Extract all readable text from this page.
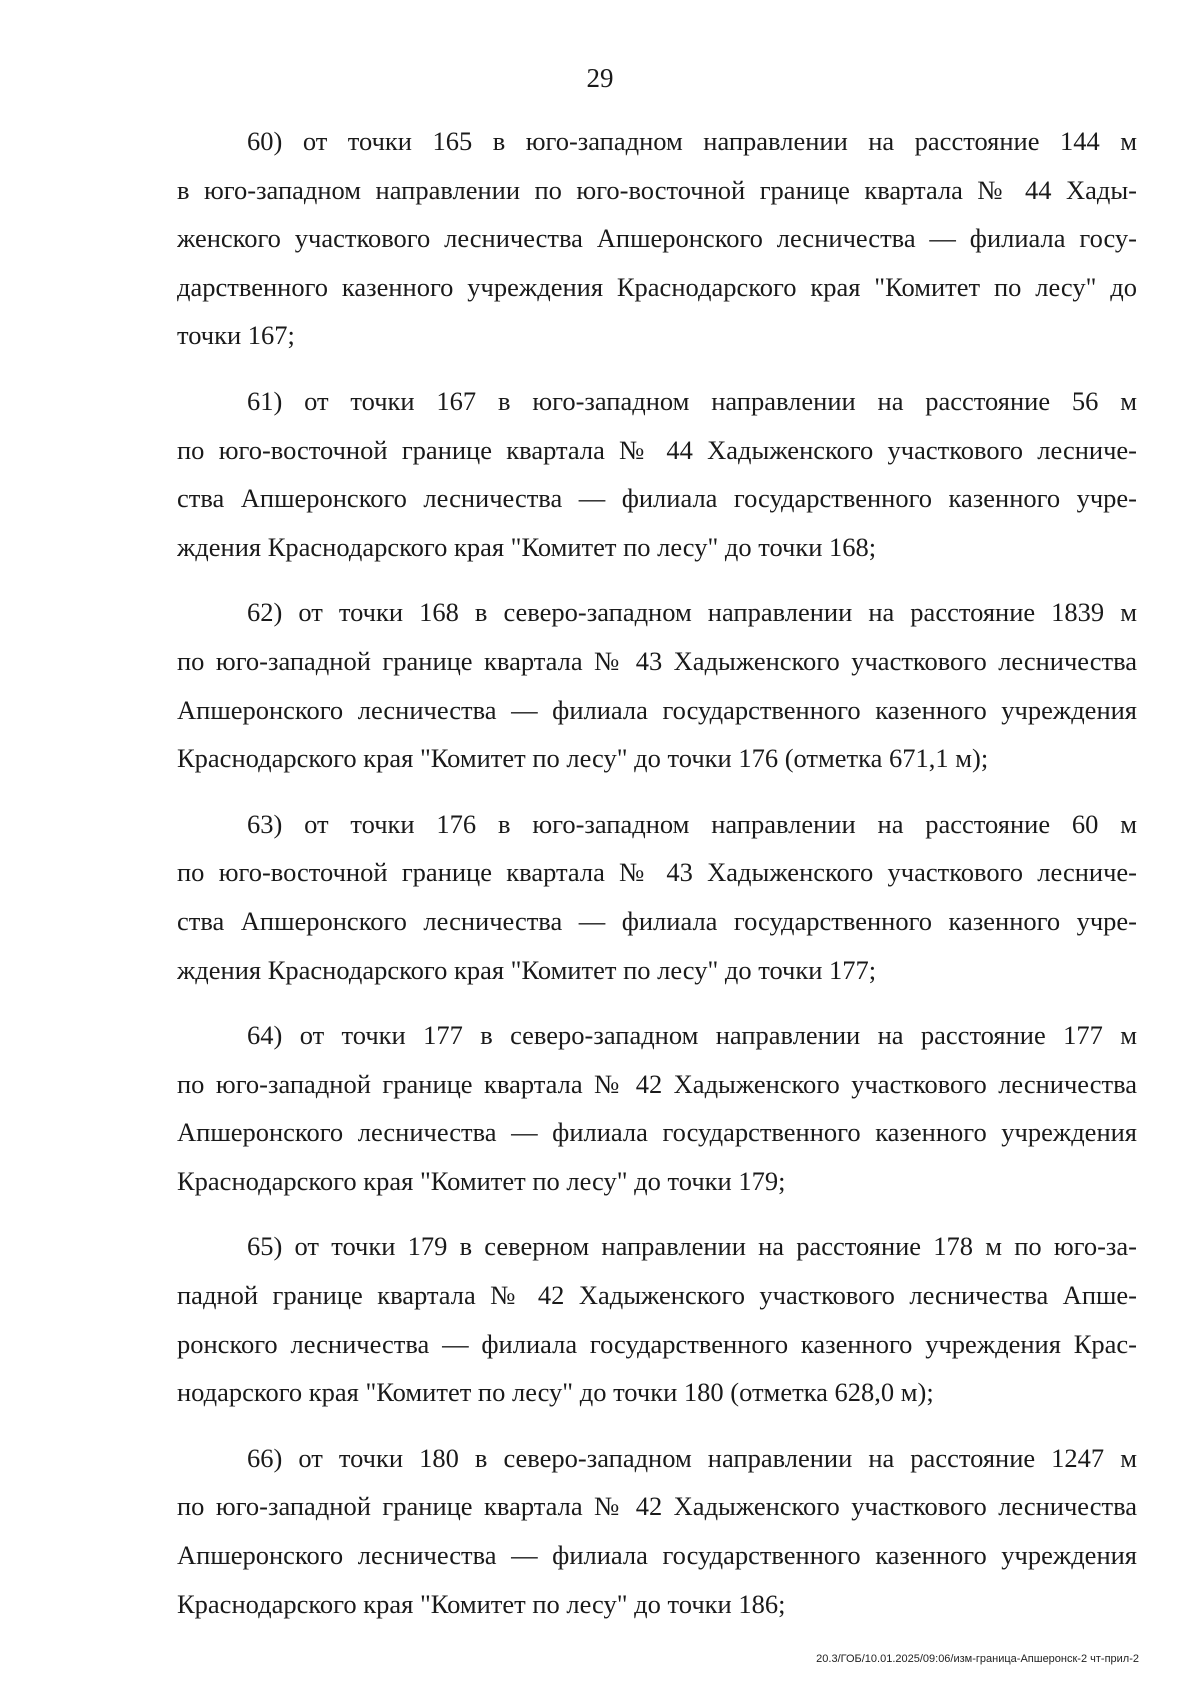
29
60) от точки 165 в юго-западном направлении на расстояние 144 м
в юго-западном направлении по юго-восточной границе квартала № 44 Хады-
женского участкового лесничества Апшеронского лесничества — филиала госу-
дарственного казенного учреждения Краснодарского края "Комитет по лесу" до
точки 167;
61) от точки 167 в юго-западном направлении на расстояние 56 м
по юго-восточной границе квартала № 44 Хадыженского участкового лесниче-
ства Апшеронского лесничества — филиала государственного казенного учре-
ждения Краснодарского края "Комитет по лесу" до точки 168;
62) от точки 168 в северо-западном направлении на расстояние 1839 м
по юго-западной границе квартала № 43 Хадыженского участкового лесничества
Апшеронского лесничества — филиала государственного казенного учреждения
Краснодарского края "Комитет по лесу" до точки 176 (отметка 671,1 м);
63) от точки 176 в юго-западном направлении на расстояние 60 м
по юго-восточной границе квартала № 43 Хадыженского участкового лесниче-
ства Апшеронского лесничества — филиала государственного казенного учре-
ждения Краснодарского края "Комитет по лесу" до точки 177;
64) от точки 177 в северо-западном направлении на расстояние 177 м
по юго-западной границе квартала № 42 Хадыженского участкового лесничества
Апшеронского лесничества — филиала государственного казенного учреждения
Краснодарского края "Комитет по лесу" до точки 179;
65) от точки 179 в северном направлении на расстояние 178 м по юго-за-
падной границе квартала № 42 Хадыженского участкового лесничества Апше-
ронского лесничества — филиала государственного казенного учреждения Крас-
нодарского края "Комитет по лесу" до точки 180 (отметка 628,0 м);
66) от точки 180 в северо-западном направлении на расстояние 1247 м
по юго-западной границе квартала № 42 Хадыженского участкового лесничества
Апшеронского лесничества — филиала государственного казенного учреждения
Краснодарского края "Комитет по лесу" до точки 186;
20.3/ГОБ/10.01.2025/09:06/изм-граница-Апшеронск-2 чт-прил-2
